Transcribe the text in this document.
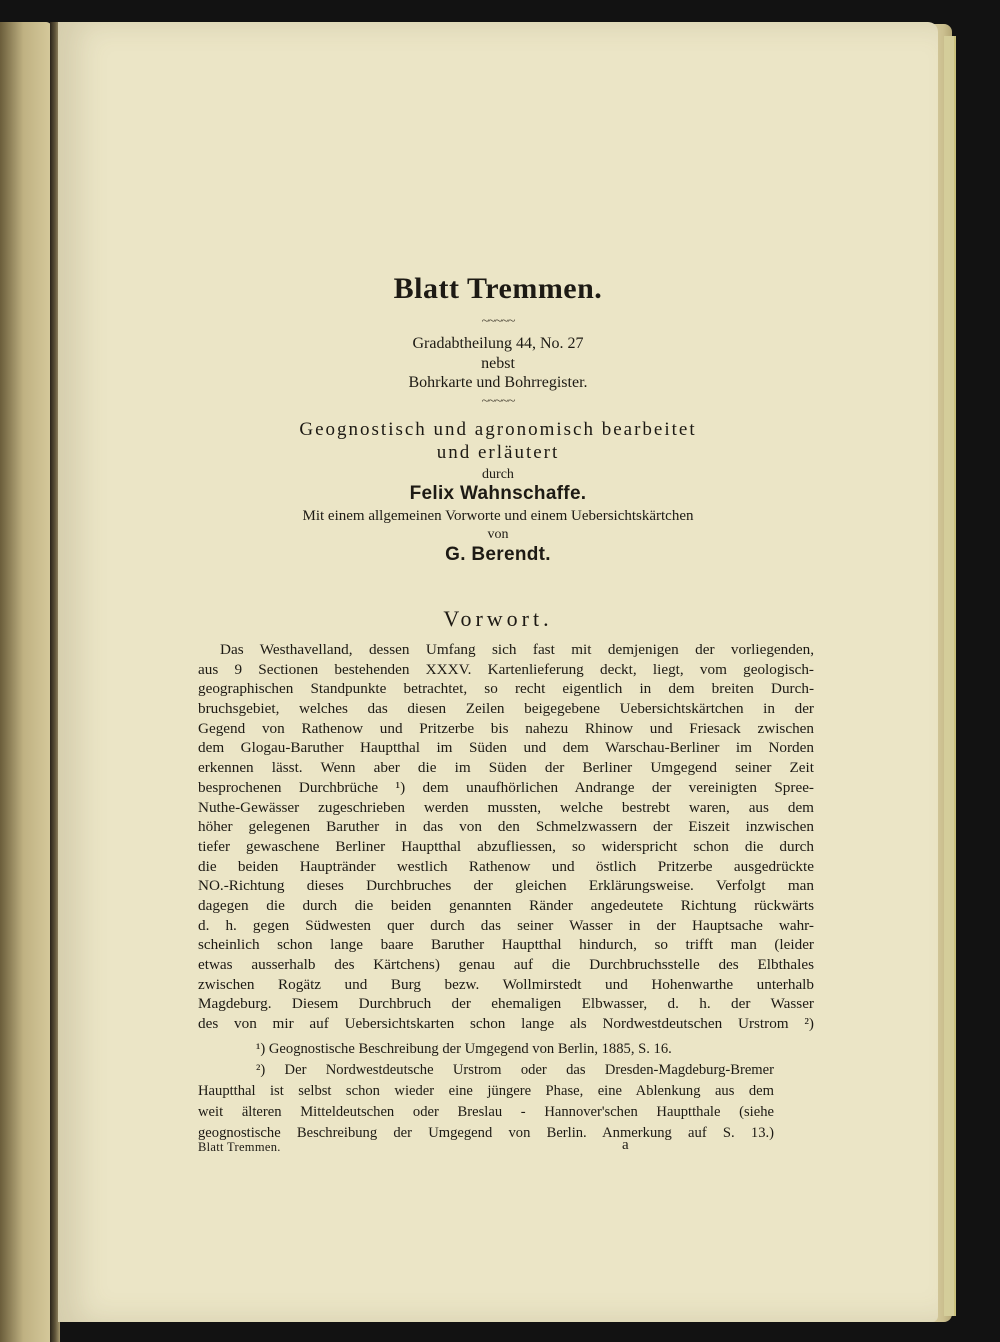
Blatt Tremmen.
~~~~~
Gradabtheilung 44, No. 27
nebst
Bohrkarte und Bohrregister.
~~~~~
Geognostisch und agronomisch bearbeitet
und erläutert
durch
Felix Wahnschaffe.
Mit einem allgemeinen Vorworte und einem Uebersichtskärtchen
von
G. Berendt.
Vorwort.
Das Westhavelland, dessen Umfang sich fast mit demjenigen der vorliegenden,
aus 9 Sectionen bestehenden XXXV. Kartenlieferung deckt, liegt, vom geologisch-
geographischen Standpunkte betrachtet, so recht eigentlich in dem breiten Durch-
bruchsgebiet, welches das diesen Zeilen beigegebene Uebersichtskärtchen in der
Gegend von Rathenow und Pritzerbe bis nahezu Rhinow und Friesack zwischen
dem Glogau-Baruther Hauptthal im Süden und dem Warschau-Berliner im Norden
erkennen lässt. Wenn aber die im Süden der Berliner Umgegend seiner Zeit
besprochenen Durchbrüche ¹) dem unaufhörlichen Andrange der vereinigten Spree-
Nuthe-Gewässer zugeschrieben werden mussten, welche bestrebt waren, aus dem
höher gelegenen Baruther in das von den Schmelzwassern der Eiszeit inzwischen
tiefer gewaschene Berliner Hauptthal abzufliessen, so widerspricht schon die durch
die beiden Hauptränder westlich Rathenow und östlich Pritzerbe ausgedrückte
NO.-Richtung dieses Durchbruches der gleichen Erklärungsweise. Verfolgt man
dagegen die durch die beiden genannten Ränder angedeutete Richtung rückwärts
d. h. gegen Südwesten quer durch das seiner Wasser in der Hauptsache wahr-
scheinlich schon lange baare Baruther Hauptthal hindurch, so trifft man (leider
etwas ausserhalb des Kärtchens) genau auf die Durchbruchsstelle des Elbthales
zwischen Rogätz und Burg bezw. Wollmirstedt und Hohenwarthe unterhalb
Magdeburg. Diesem Durchbruch der ehemaligen Elbwasser, d. h. der Wasser
des von mir auf Uebersichtskarten schon lange als Nordwestdeutschen Urstrom ²)
¹) Geognostische Beschreibung der Umgegend von Berlin, 1885, S. 16.
²) Der Nordwestdeutsche Urstrom oder das Dresden-Magdeburg-Bremer
Hauptthal ist selbst schon wieder eine jüngere Phase, eine Ablenkung aus dem
weit älteren Mitteldeutschen oder Breslau - Hannover'schen Hauptthale (siehe
geognostische Beschreibung der Umgegend von Berlin. Anmerkung auf S. 13.)
Blatt Tremmen.	a
